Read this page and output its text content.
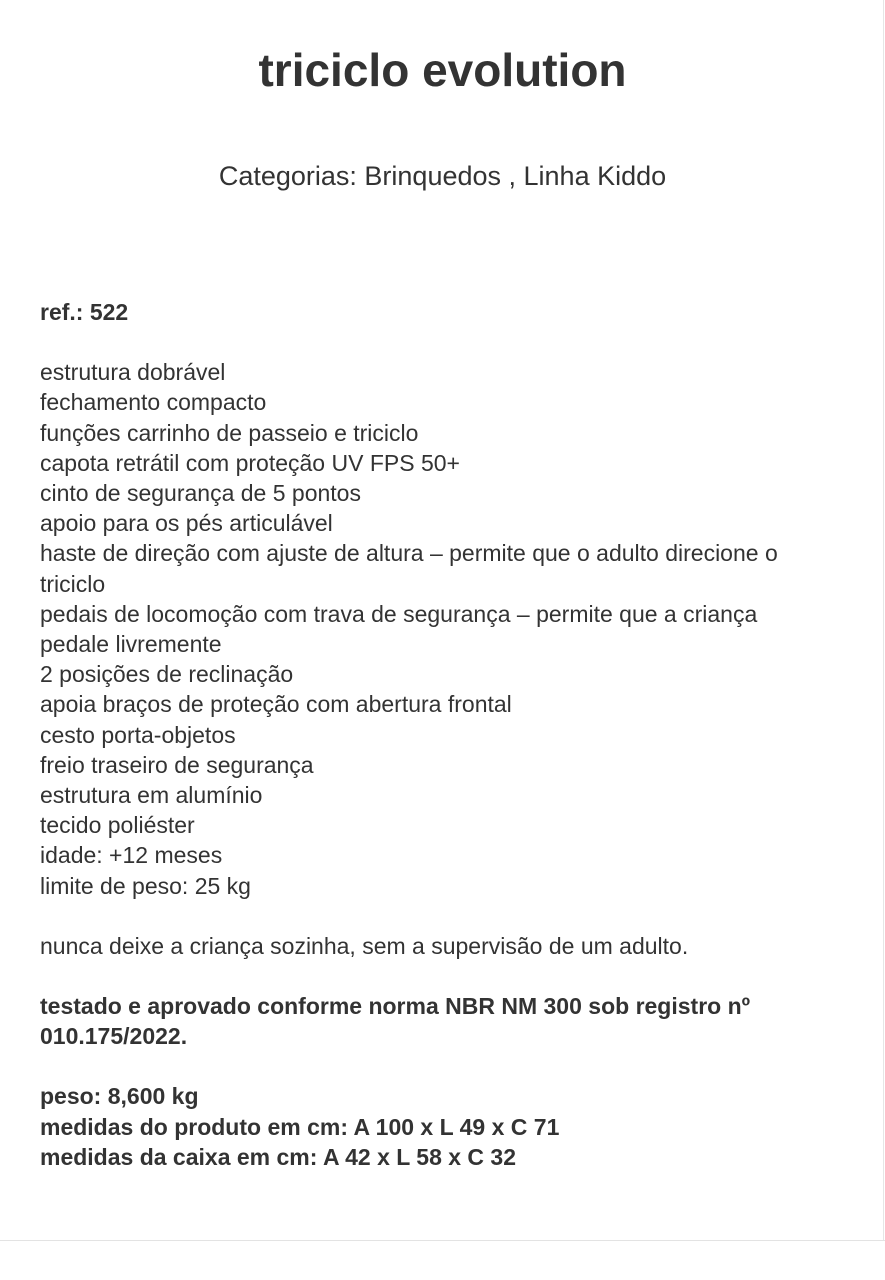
triciclo evolution
Categorias: Brinquedos , Linha Kiddo
ref.: 522
estrutura dobrável
fechamento compacto
funções carrinho de passeio e triciclo
capota retrátil com proteção UV FPS 50+
cinto de segurança de 5 pontos
apoio para os pés articulável
haste de direção com ajuste de altura – permite que o adulto direcione o triciclo
pedais de locomoção com trava de segurança – permite que a criança pedale livremente
2 posições de reclinação
apoia braços de proteção com abertura frontal
cesto porta-objetos
freio traseiro de segurança
estrutura em alumínio
tecido poliéster
idade: +12 meses
limite de peso: 25 kg
nunca deixe a criança sozinha, sem a supervisão de um adulto.
testado e aprovado conforme norma NBR NM 300 sob registro nº 010.175/2022.
peso: 8,600 kg
medidas do produto em cm: A 100 x L 49 x C 71
medidas da caixa em cm: A 42 x L 58 x C 32
